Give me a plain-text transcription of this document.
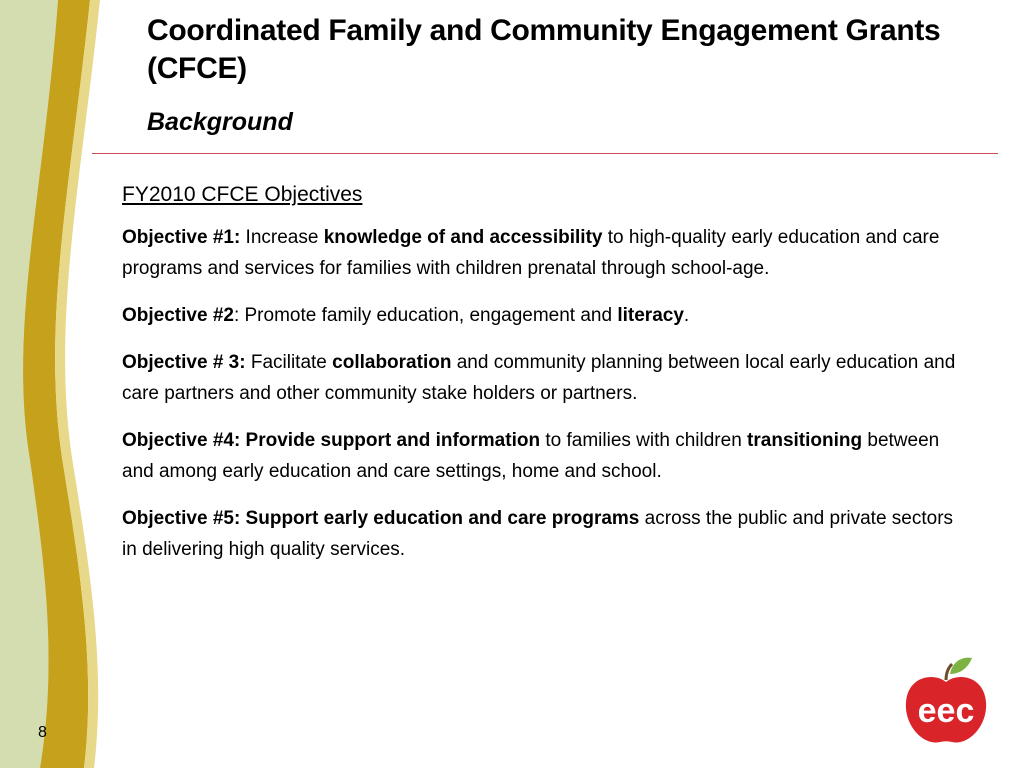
Coordinated Family and Community Engagement Grants (CFCE)
Background
FY2010 CFCE Objectives

Objective #1: Increase knowledge of and accessibility to high-quality early education and care programs and services for families with children prenatal through school-age.

Objective #2: Promote family education, engagement and literacy.

Objective # 3: Facilitate collaboration and community planning between local early education and care partners and other community stake holders or partners.

Objective #4: Provide support and information to families with children transitioning between and among early education and care settings, home and school.

Objective #5: Support early education and care programs across the public and private sectors in delivering high quality services.

8
eec
